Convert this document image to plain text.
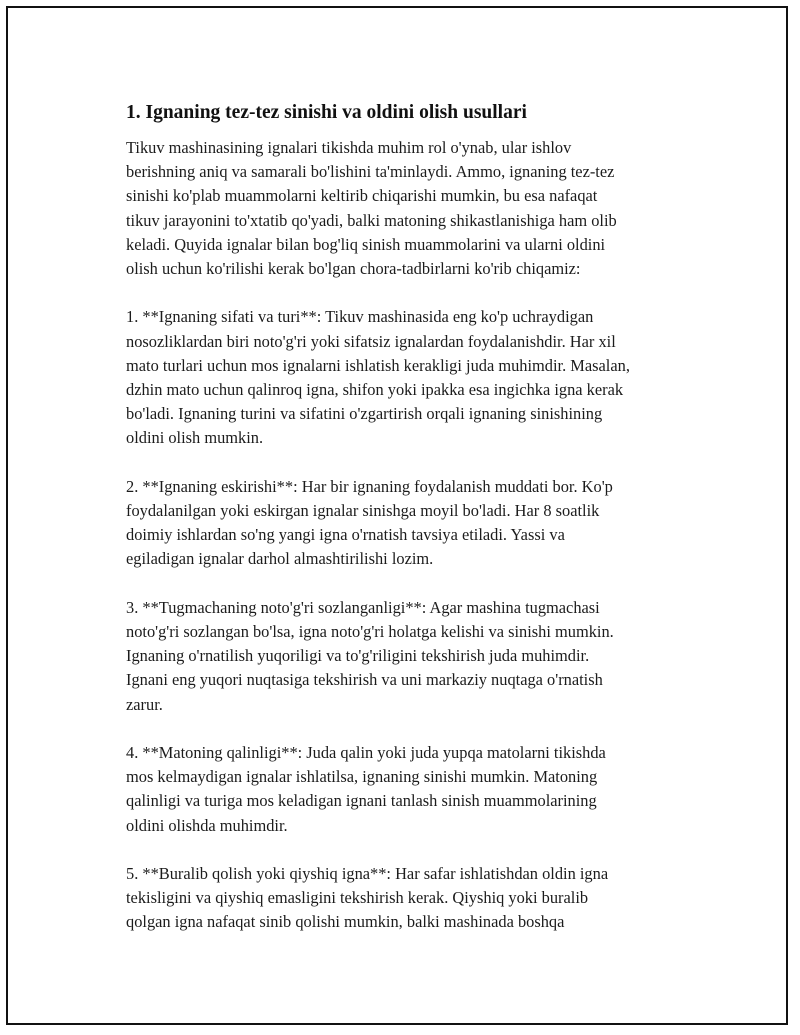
1. Ignaning tez-tez sinishi va oldini olish usullari

Tikuv mashinasining ignalari tikishda muhim rol o'ynab, ular ishlov
berishning aniq va samarali bo'lishini ta'minlaydi. Ammo, ignaning tez-tez
sinishi ko'plab muammolarni keltirib chiqarishi mumkin, bu esa nafaqat
tikuv jarayonini to'xtatib qo'yadi, balki matoning shikastlanishiga ham olib
keladi. Quyida ignalar bilan bog'liq sinish muammolarini va ularni oldini
olish uchun ko'rilishi kerak bo'lgan chora-tadbirlarni ko'rib chiqamiz:

1. **Ignaning sifati va turi**: Tikuv mashinasida eng ko'p uchraydigan
nosozliklardan biri noto'g'ri yoki sifatsiz ignalardan foydalanishdir. Har xil
mato turlari uchun mos ignalarni ishlatish kerakligi juda muhimdir. Masalan,
dzhin mato uchun qalinroq igna, shifon yoki ipakka esa ingichka igna kerak
bo'ladi. Ignaning turini va sifatini o'zgartirish orqali ignaning sinishining
oldini olish mumkin.

2. **Ignaning eskirishi**: Har bir ignaning foydalanish muddati bor. Ko'p
foydalanilgan yoki eskirgan ignalar sinishga moyil bo'ladi. Har 8 soatlik
doimiy ishlardan so'ng yangi igna o'rnatish tavsiya etiladi. Yassi va
egiladigan ignalar darhol almashtirilishi lozim.

3. **Tugmachaning noto'g'ri sozlanganligi**: Agar mashina tugmachasi
noto'g'ri sozlangan bo'lsa, igna noto'g'ri holatga kelishi va sinishi mumkin.
Ignaning o'rnatilish yuqoriligi va to'g'riligini tekshirish juda muhimdir.
Ignani eng yuqori nuqtasiga tekshirish va uni markaziy nuqtaga o'rnatish
zarur.

4. **Matoning qalinligi**: Juda qalin yoki juda yupqa matolarni tikishda
mos kelmaydigan ignalar ishlatilsa, ignaning sinishi mumkin. Matoning
qalinligi va turiga mos keladigan ignani tanlash sinish muammolarining
oldini olishda muhimdir.

5. **Buralib qolish yoki qiyshiq igna**: Har safar ishlatishdan oldin igna
tekisligini va qiyshiq emasligini tekshirish kerak. Qiyshiq yoki buralib
qolgan igna nafaqat sinib qolishi mumkin, balki mashinada boshqa
